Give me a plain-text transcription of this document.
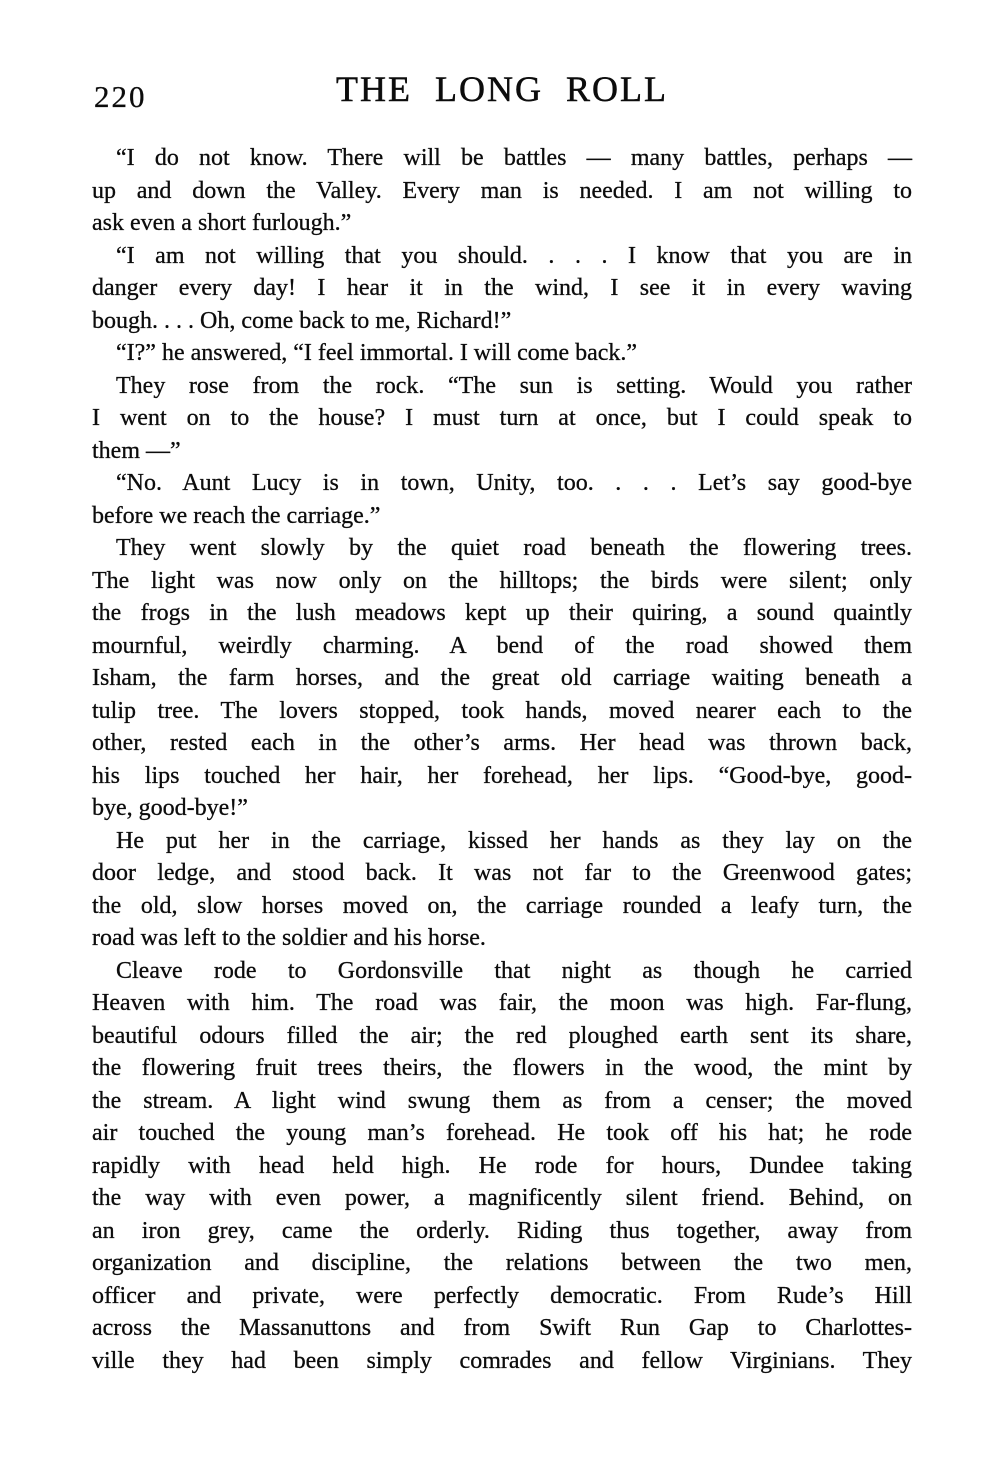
220	THE LONG ROLL

“I do not know. There will be battles — many battles, perhaps —
up and down the Valley. Every man is needed. I am not willing to
ask even a short furlough.”

“I am not willing that you should. . . . I know that you are in
danger every day! I hear it in the wind, I see it in every waving
bough. . . . Oh, come back to me, Richard!”

“I?” he answered, “I feel immortal. I will come back.”

They rose from the rock. “The sun is setting. Would you rather
I went on to the house? I must turn at once, but I could speak to
them —”

“No. Aunt Lucy is in town, Unity, too. . . . Let’s say good-bye
before we reach the carriage.”

They went slowly by the quiet road beneath the flowering trees.
The light was now only on the hilltops; the birds were silent; only
the frogs in the lush meadows kept up their quiring, a sound quaintly
mournful, weirdly charming. A bend of the road showed them
Isham, the farm horses, and the great old carriage waiting beneath a
tulip tree. The lovers stopped, took hands, moved nearer each to the
other, rested each in the other’s arms. Her head was thrown back,
his lips touched her hair, her forehead, her lips. “Good-bye, good-
bye, good-bye!”

He put her in the carriage, kissed her hands as they lay on the
door ledge, and stood back. It was not far to the Greenwood gates;
the old, slow horses moved on, the carriage rounded a leafy turn, the
road was left to the soldier and his horse.

Cleave rode to Gordonsville that night as though he carried
Heaven with him. The road was fair, the moon was high. Far-flung,
beautiful odours filled the air; the red ploughed earth sent its share,
the flowering fruit trees theirs, the flowers in the wood, the mint by
the stream. A light wind swung them as from a censer; the moved
air touched the young man’s forehead. He took off his hat; he rode
rapidly with head held high. He rode for hours, Dundee taking
the way with even power, a magnificently silent friend. Behind, on
an iron grey, came the orderly. Riding thus together, away from
organization and discipline, the relations between the two men,
officer and private, were perfectly democratic. From Rude’s Hill
across the Massanuttons and from Swift Run Gap to Charlottes-
ville they had been simply comrades and fellow Virginians. They
